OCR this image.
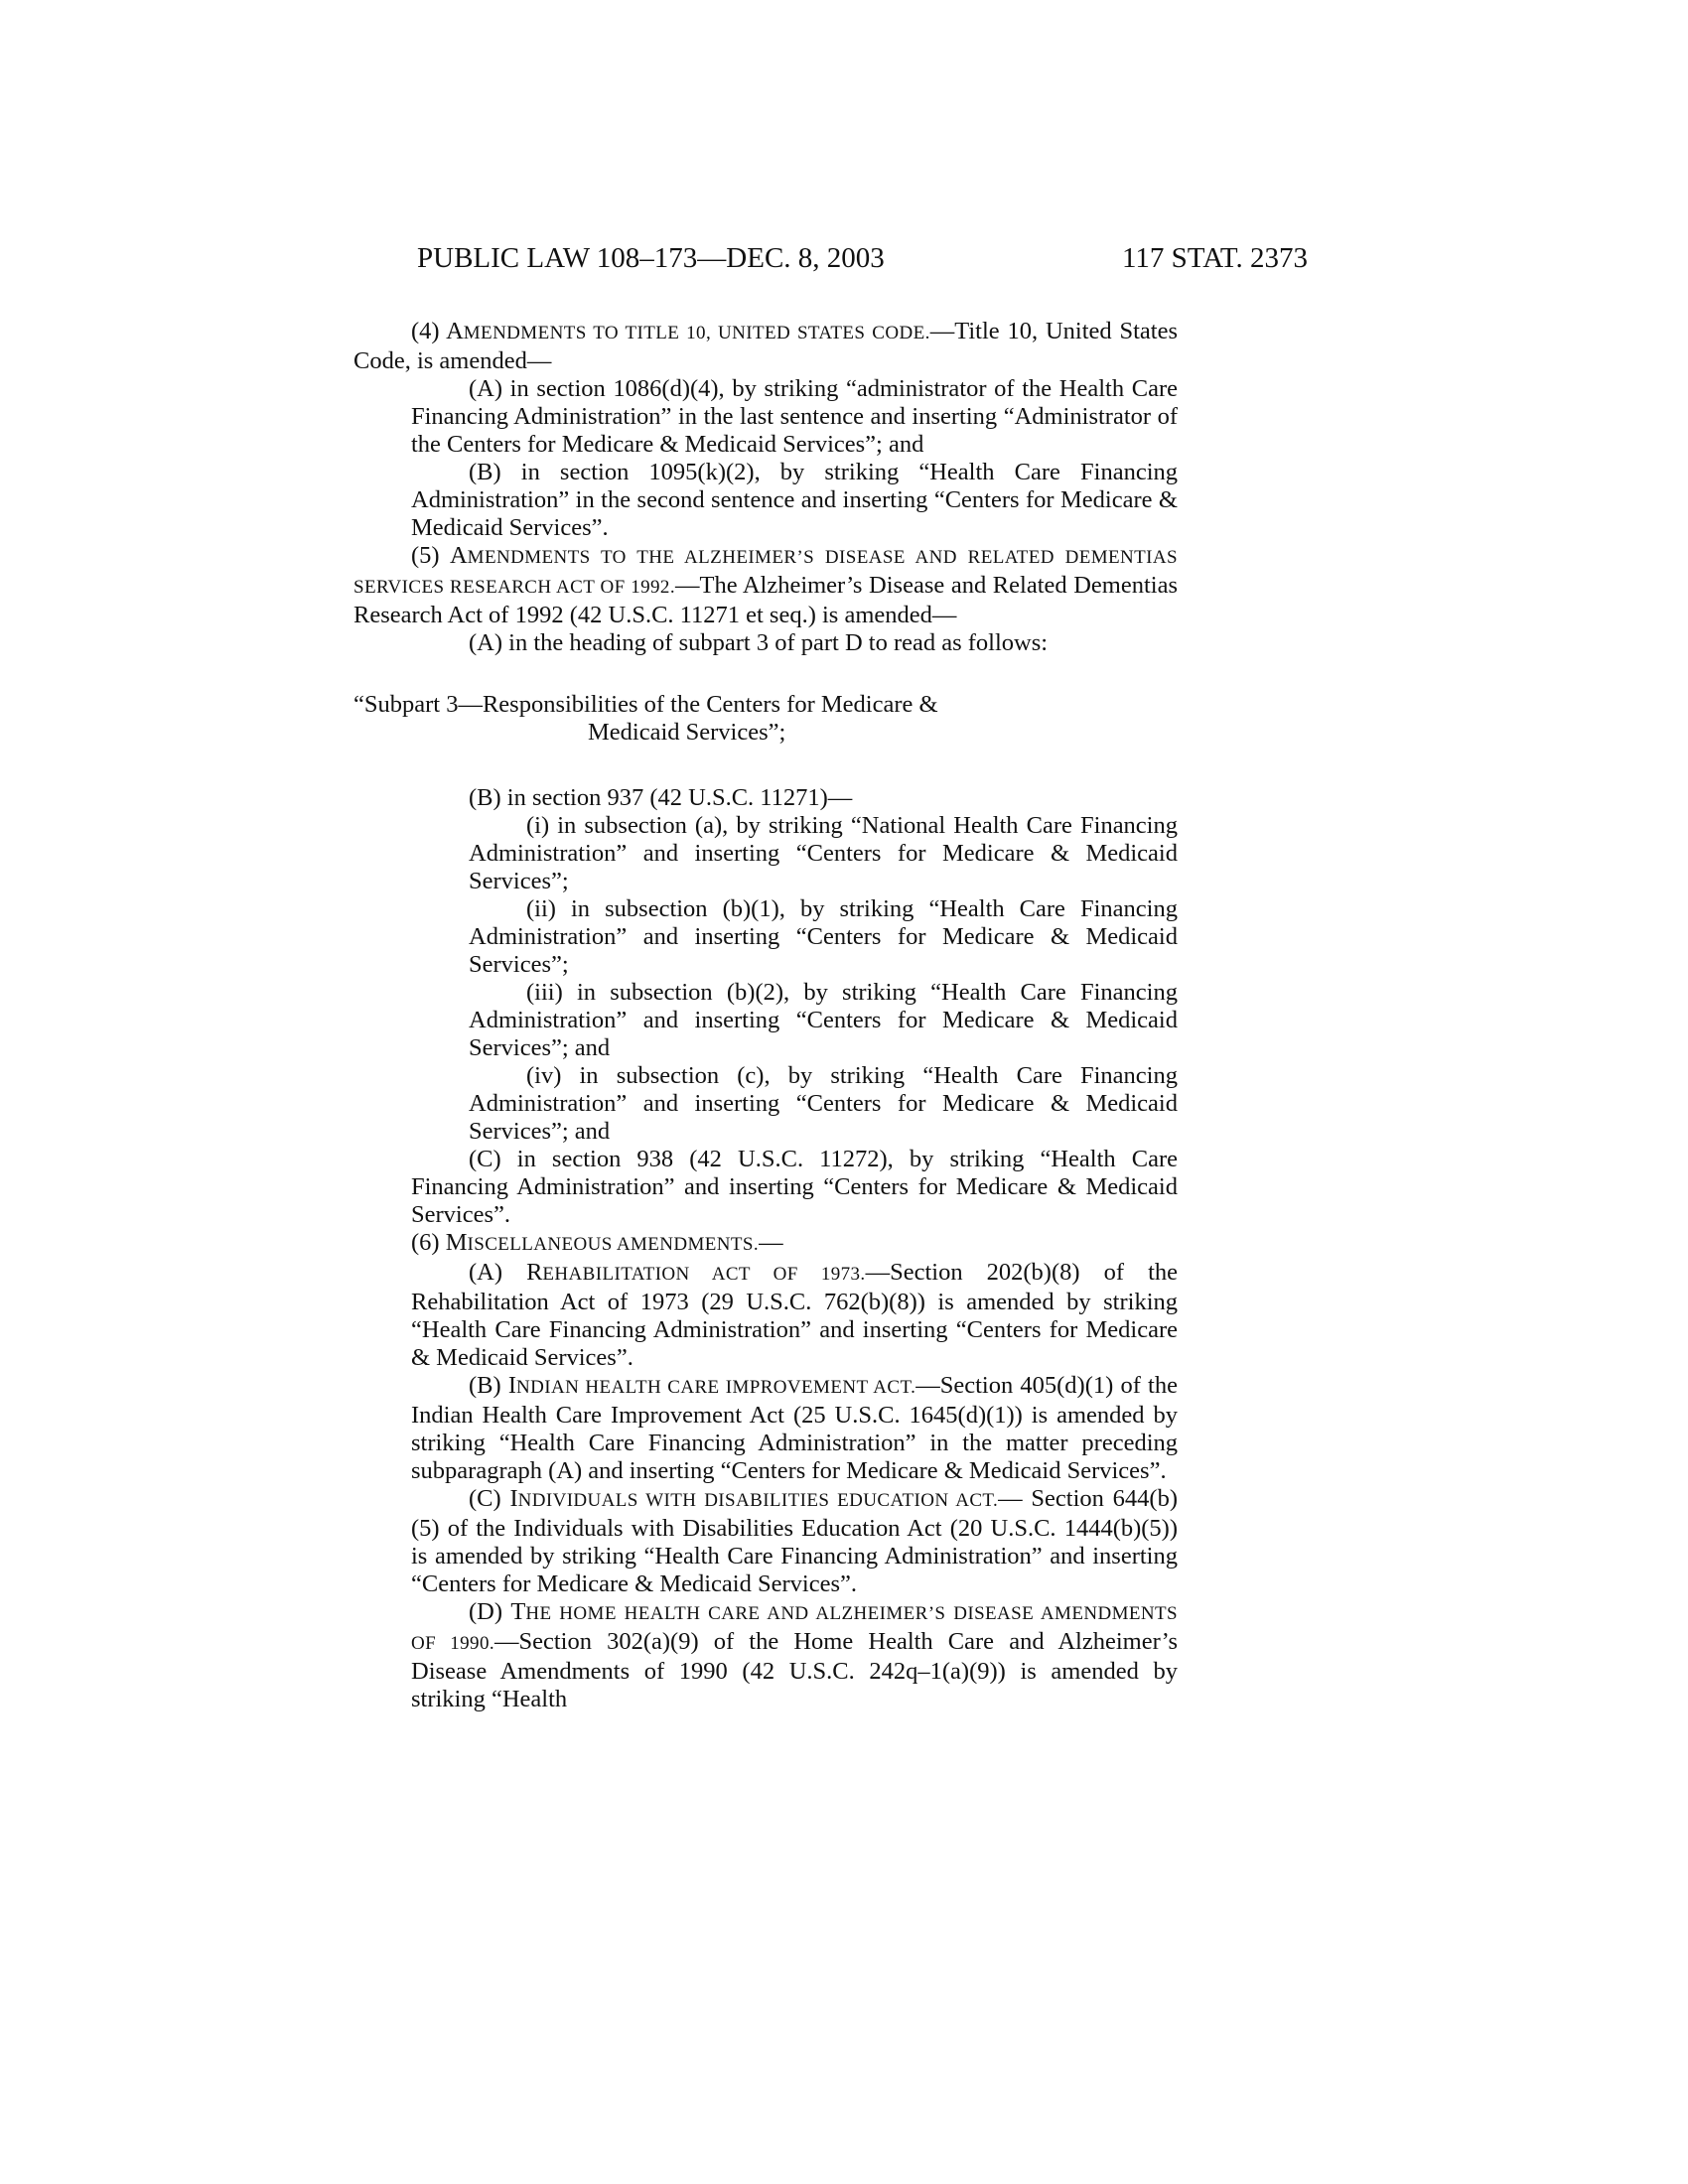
PUBLIC LAW 108–173—DEC. 8, 2003	117 STAT. 2373

(4) AMENDMENTS TO TITLE 10, UNITED STATES CODE.—Title 10, United States Code, is amended—

(A) in section 1086(d)(4), by striking “administrator of the Health Care Financing Administration” in the last sentence and inserting “Administrator of the Centers for Medicare & Medicaid Services”; and

(B) in section 1095(k)(2), by striking “Health Care Financing Administration” in the second sentence and inserting “Centers for Medicare & Medicaid Services”.

(5) AMENDMENTS TO THE ALZHEIMER’S DISEASE AND RELATED DEMENTIAS SERVICES RESEARCH ACT OF 1992.—The Alzheimer’s Disease and Related Dementias Research Act of 1992 (42 U.S.C. 11271 et seq.) is amended—

(A) in the heading of subpart 3 of part D to read as follows:

“Subpart 3—Responsibilities of the Centers for Medicare &
Medicaid Services”;

(B) in section 937 (42 U.S.C. 11271)—

(i) in subsection (a), by striking “National Health Care Financing Administration” and inserting “Centers for Medicare & Medicaid Services”;

(ii) in subsection (b)(1), by striking “Health Care Financing Administration” and inserting “Centers for Medicare & Medicaid Services”;

(iii) in subsection (b)(2), by striking “Health Care Financing Administration” and inserting “Centers for Medicare & Medicaid Services”; and

(iv) in subsection (c), by striking “Health Care Financing Administration” and inserting “Centers for Medicare & Medicaid Services”; and

(C) in section 938 (42 U.S.C. 11272), by striking “Health Care Financing Administration” and inserting “Centers for Medicare & Medicaid Services”.

(6) MISCELLANEOUS AMENDMENTS.—

(A) REHABILITATION ACT OF 1973.—Section 202(b)(8) of the Rehabilitation Act of 1973 (29 U.S.C. 762(b)(8)) is amended by striking “Health Care Financing Administration” and inserting “Centers for Medicare & Medicaid Services”.

(B) INDIAN HEALTH CARE IMPROVEMENT ACT.—Section 405(d)(1) of the Indian Health Care Improvement Act (25 U.S.C. 1645(d)(1)) is amended by striking “Health Care Financing Administration” in the matter preceding subparagraph (A) and inserting “Centers for Medicare & Medicaid Services”.

(C) INDIVIDUALS WITH DISABILITIES EDUCATION ACT.— Section 644(b)(5) of the Individuals with Disabilities Education Act (20 U.S.C. 1444(b)(5)) is amended by striking “Health Care Financing Administration” and inserting “Centers for Medicare & Medicaid Services”.

(D) THE HOME HEALTH CARE AND ALZHEIMER’S DISEASE AMENDMENTS OF 1990.—Section 302(a)(9) of the Home Health Care and Alzheimer’s Disease Amendments of 1990 (42 U.S.C. 242q–1(a)(9)) is amended by striking “Health
